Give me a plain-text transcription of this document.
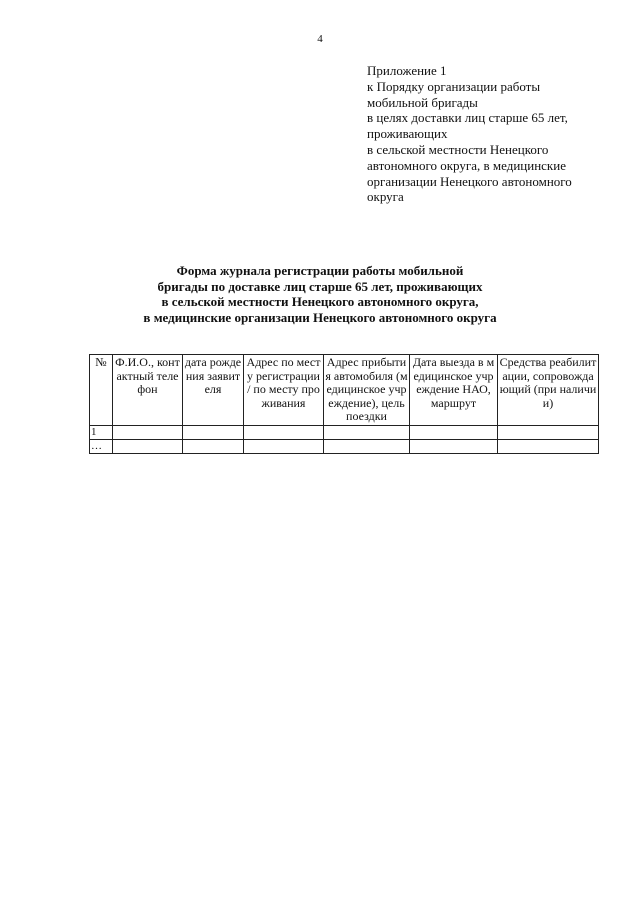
4
Приложение 1
к Порядку организации работы
мобильной бригады
в целях доставки лиц старше 65 лет,
проживающих
в сельской местности Ненецкого
автономного округа, в медицинские
организации Ненецкого автономного
округа
Форма журнала регистрации работы мобильной
бригады по доставке лиц старше 65 лет, проживающих
в сельской местности Ненецкого автономного округа,
в медицинские организации Ненецкого автономного округа
№	Ф.И.О., контактный телефон	дата рождения заявителя	Адрес по месту регистрации / по месту проживания	Адрес прибытия автомобиля (медицинское учреждение), цель поездки	Дата выезда в медицинское учреждение НАО, маршрут	Средства реабилитации, сопровождающий (при наличии)
1						
…						
